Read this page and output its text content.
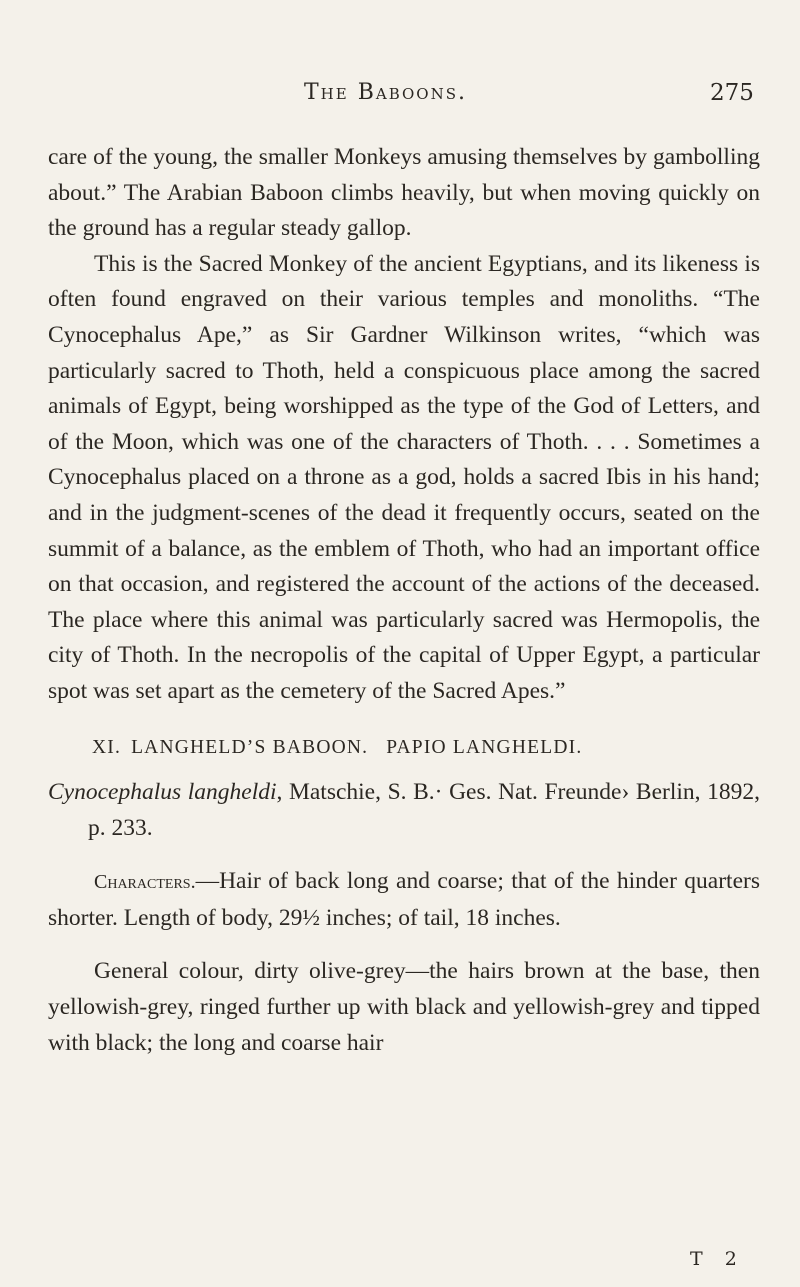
The Baboons.	275

care of the young, the smaller Monkeys amusing themselves by gambolling about.” The Arabian Baboon climbs heavily, but when moving quickly on the ground has a regular steady gallop.

This is the Sacred Monkey of the ancient Egyptians, and its likeness is often found engraved on their various temples and monoliths. “The Cynocephalus Ape,” as Sir Gardner Wilkinson writes, “which was particularly sacred to Thoth, held a conspicuous place among the sacred animals of Egypt, being worshipped as the type of the God of Letters, and of the Moon, which was one of the characters of Thoth. . . . Sometimes a Cynocephalus placed on a throne as a god, holds a sacred Ibis in his hand; and in the judgment-scenes of the dead it frequently occurs, seated on the summit of a balance, as the emblem of Thoth, who had an important office on that occasion, and registered the account of the actions of the deceased. The place where this animal was particularly sacred was Hermopolis, the city of Thoth. In the necropolis of the capital of Upper Egypt, a particular spot was set apart as the cemetery of the Sacred Apes.”

XI. LANGHELD’S BABOON. PAPIO LANGHELDI.

Cynocephalus langheldi, Matschie, S. B.· Ges. Nat. Freunde› Berlin, 1892, p. 233.

Characters.—Hair of back long and coarse; that of the hinder quarters shorter. Length of body, 29½ inches; of tail, 18 inches.

General colour, dirty olive-grey—the hairs brown at the base, then yellowish-grey, ringed further up with black and yellowish-grey and tipped with black; the long and coarse hair

T 2
